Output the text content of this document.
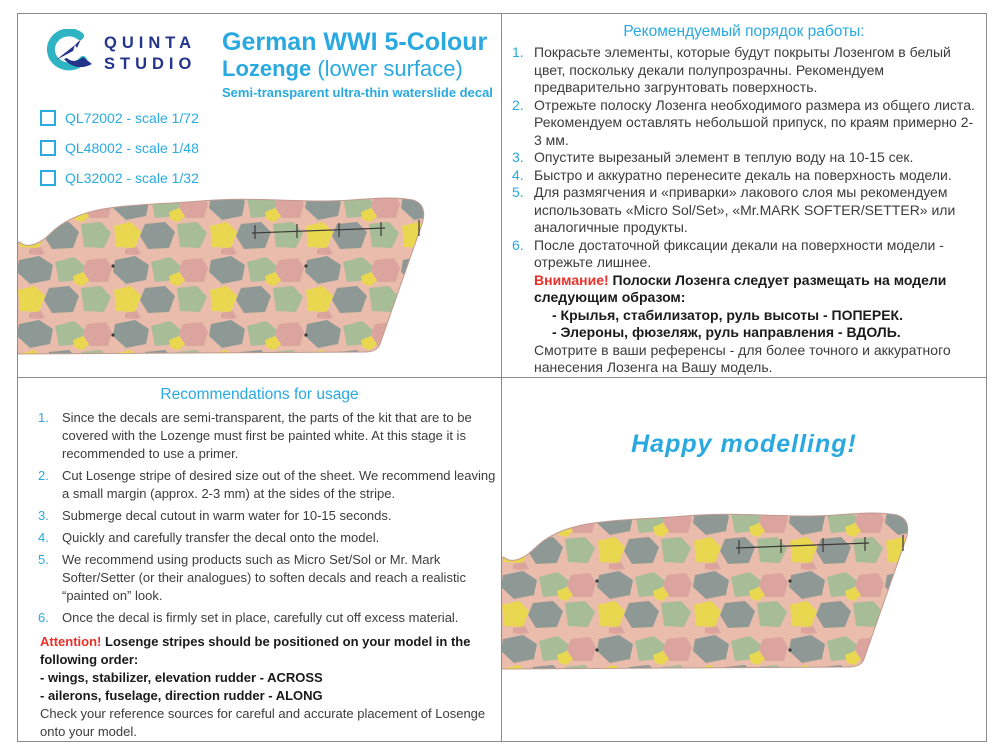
QUINTA
STUDIO
German WWI 5-Colour
Lozenge (lower surface)
Semi-transparent ultra-thin waterslide decal
QL72002 - scale 1/72
QL48002 - scale 1/48
QL32002 - scale 1/32
Рекомендуемый порядок работы:
1. Покрасьте элементы, которые будут покрыты Лозенгом в белый цвет, поскольку декали полупрозрачны. Рекомендуем предварительно загрунтовать поверхность.
2. Отрежьте полоску Лозенга необходимого размера из общего листа. Рекомендуем оставлять небольшой припуск, по краям примерно 2-3 мм.
3. Опустите вырезаный элемент в теплую воду на 10-15 сек.
4. Быстро и аккуратно перенесите декаль на поверхность модели.
5. Для размягчения и «приварки» лакового слоя мы рекомендуем использовать «Micro Sol/Set», «Mr.MARK SOFTER/SETTER» или аналогичные продукты.
6. После достаточной фиксации декали на поверхности модели - отрежьте лишнее.

Внимание! Полоски Лозенга следует размещать на модели следующим образом:

- Крылья, стабилизатор, руль высоты - ПОПЕРЕК.
- Элероны, фюзеляж, руль направления - ВДОЛЬ.

Смотрите в ваши референсы - для более точного и аккуратного нанесения Лозенга на Вашу модель.

Recommendations for usage
1.	Since the decals are semi-transparent, the parts of the kit that are to be covered with the Lozenge must first be painted white. At this stage it is recommended to use a primer.
2.	Cut Losenge stripe of desired size out of the sheet. We recommend leaving a small margin (approx. 2-3 mm) at the sides of the stripe.
3.	Submerge decal cutout in warm water for 10-15 seconds.
4.	Quickly and carefully transfer the decal onto the model.
5.	We recommend using products such as Micro Set/Sol or Mr. Mark Softer/Setter (or their analogues) to soften decals and reach a realistic “painted on” look.
6.	Once the decal is firmly set in place, carefully cut off excess material.

Attention! Losenge stripes should be positioned on your model in the following order:

- wings, stabilizer, elevation rudder - ACROSS
- ailerons, fuselage, direction rudder - ALONG

Check your reference sources for careful and accurate placement of Losenge onto your model.

Happy modelling!
